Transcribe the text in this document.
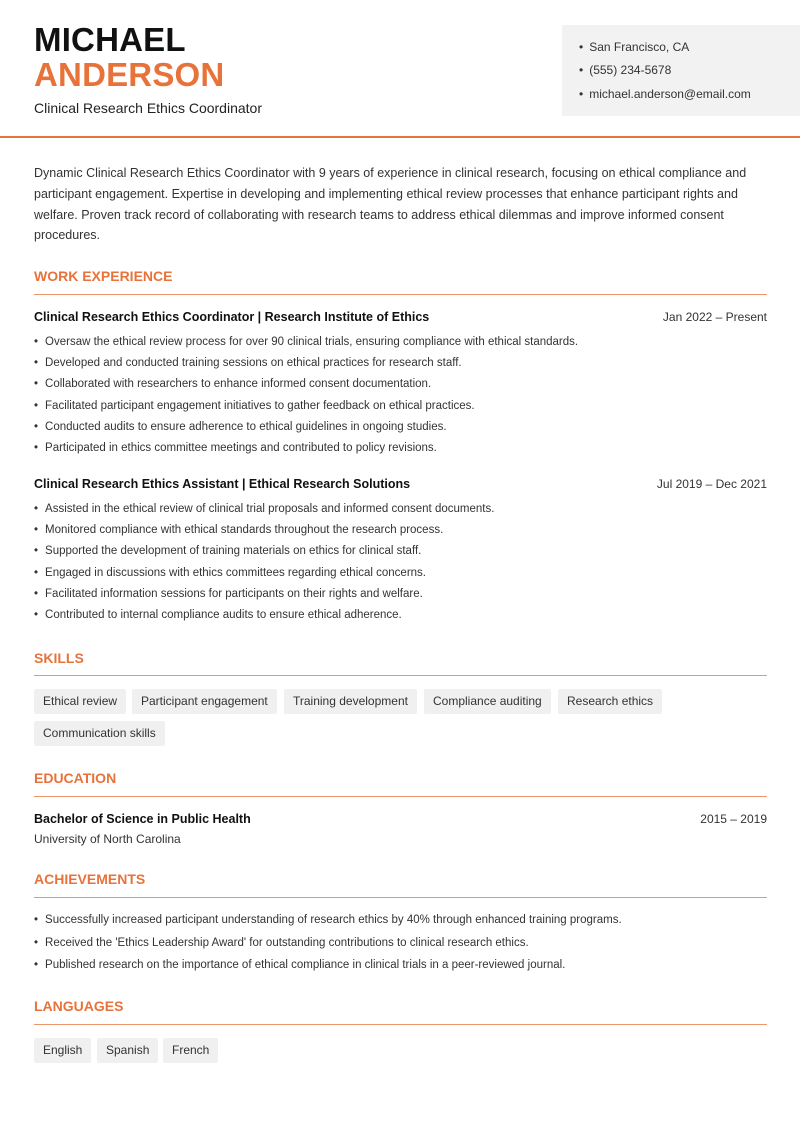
MICHAEL
ANDERSON
Clinical Research Ethics Coordinator
• San Francisco, CA
• (555) 234-5678
• michael.anderson@email.com
Dynamic Clinical Research Ethics Coordinator with 9 years of experience in clinical research, focusing on ethical compliance and participant engagement. Expertise in developing and implementing ethical review processes that enhance participant rights and welfare. Proven track record of collaborating with research teams to address ethical dilemmas and improve informed consent procedures.
WORK EXPERIENCE
Clinical Research Ethics Coordinator | Research Institute of Ethics	Jan 2022 – Present
• Oversaw the ethical review process for over 90 clinical trials, ensuring compliance with ethical standards.
• Developed and conducted training sessions on ethical practices for research staff.
• Collaborated with researchers to enhance informed consent documentation.
• Facilitated participant engagement initiatives to gather feedback on ethical practices.
• Conducted audits to ensure adherence to ethical guidelines in ongoing studies.
• Participated in ethics committee meetings and contributed to policy revisions.
Clinical Research Ethics Assistant | Ethical Research Solutions	Jul 2019 – Dec 2021
• Assisted in the ethical review of clinical trial proposals and informed consent documents.
• Monitored compliance with ethical standards throughout the research process.
• Supported the development of training materials on ethics for clinical staff.
• Engaged in discussions with ethics committees regarding ethical concerns.
• Facilitated information sessions for participants on their rights and welfare.
• Contributed to internal compliance audits to ensure ethical adherence.
SKILLS
Ethical review	Participant engagement	Training development	Compliance auditing	Research ethics
Communication skills
EDUCATION
Bachelor of Science in Public Health
University of North Carolina
2015 – 2019
ACHIEVEMENTS
• Successfully increased participant understanding of research ethics by 40% through enhanced training programs.
• Received the 'Ethics Leadership Award' for outstanding contributions to clinical research ethics.
• Published research on the importance of ethical compliance in clinical trials in a peer-reviewed journal.
LANGUAGES
English	Spanish	French
